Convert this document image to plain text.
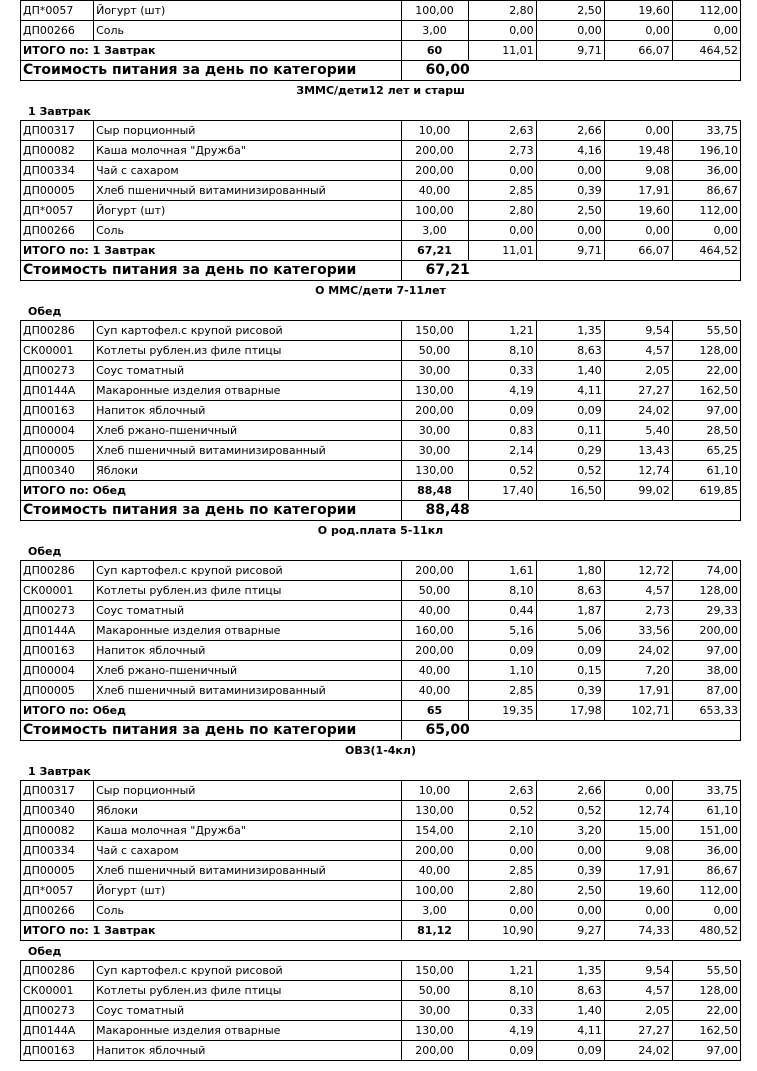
ДП*0057	Йогурт (шт)	100,00	2,80	2,50	19,60	112,00
ДП00266	Соль	3,00	0,00	0,00	0,00	0,00
ИТОГО по: 1 Завтрак		60	11,01	9,71	66,07	464,52
Стоимость питания за день по категории		60,00				
ЗММС/дети12 лет и старш
1 Завтрак
ДП00317	Сыр порционный	10,00	2,63	2,66	0,00	33,75
ДП00082	Каша молочная "Дружба"	200,00	2,73	4,16	19,48	196,10
ДП00334	Чай с сахаром	200,00	0,00	0,00	9,08	36,00
ДП00005	Хлеб пшеничный витаминизированный	40,00	2,85	0,39	17,91	86,67
ДП*0057	Йогурт (шт)	100,00	2,80	2,50	19,60	112,00
ДП00266	Соль	3,00	0,00	0,00	0,00	0,00
ИТОГО по: 1 Завтрак		67,21	11,01	9,71	66,07	464,52
Стоимость питания за день по категории		67,21				
О ММС/дети 7-11лет
Обед
ДП00286	Суп картофел.с крупой рисовой	150,00	1,21	1,35	9,54	55,50
СК00001	Котлеты рублен.из филе птицы	50,00	8,10	8,63	4,57	128,00
ДП00273	Соус томатный	30,00	0,33	1,40	2,05	22,00
ДП0144А	Макаронные изделия отварные	130,00	4,19	4,11	27,27	162,50
ДП00163	Напиток яблочный	200,00	0,09	0,09	24,02	97,00
ДП00004	Хлеб ржано-пшеничный	30,00	0,83	0,11	5,40	28,50
ДП00005	Хлеб пшеничный витаминизированный	30,00	2,14	0,29	13,43	65,25
ДП00340	Яблоки	130,00	0,52	0,52	12,74	61,10
ИТОГО по: Обед		88,48	17,40	16,50	99,02	619,85
Стоимость питания за день по категории		88,48				
О род.плата 5-11кл
Обед
ДП00286	Суп картофел.с крупой рисовой	200,00	1,61	1,80	12,72	74,00
СК00001	Котлеты рублен.из филе птицы	50,00	8,10	8,63	4,57	128,00
ДП00273	Соус томатный	40,00	0,44	1,87	2,73	29,33
ДП0144А	Макаронные изделия отварные	160,00	5,16	5,06	33,56	200,00
ДП00163	Напиток яблочный	200,00	0,09	0,09	24,02	97,00
ДП00004	Хлеб ржано-пшеничный	40,00	1,10	0,15	7,20	38,00
ДП00005	Хлеб пшеничный витаминизированный	40,00	2,85	0,39	17,91	87,00
ИТОГО по: Обед		65	19,35	17,98	102,71	653,33
Стоимость питания за день по категории		65,00				
ОВЗ(1-4кл)
1 Завтрак
ДП00317	Сыр порционный	10,00	2,63	2,66	0,00	33,75
ДП00340	Яблоки	130,00	0,52	0,52	12,74	61,10
ДП00082	Каша молочная "Дружба"	154,00	2,10	3,20	15,00	151,00
ДП00334	Чай с сахаром	200,00	0,00	0,00	9,08	36,00
ДП00005	Хлеб пшеничный витаминизированный	40,00	2,85	0,39	17,91	86,67
ДП*0057	Йогурт (шт)	100,00	2,80	2,50	19,60	112,00
ДП00266	Соль	3,00	0,00	0,00	0,00	0,00
ИТОГО по: 1 Завтрак		81,12	10,90	9,27	74,33	480,52
Обед
ДП00286	Суп картофел.с крупой рисовой	150,00	1,21	1,35	9,54	55,50
СК00001	Котлеты рублен.из филе птицы	50,00	8,10	8,63	4,57	128,00
ДП00273	Соус томатный	30,00	0,33	1,40	2,05	22,00
ДП0144А	Макаронные изделия отварные	130,00	4,19	4,11	27,27	162,50
ДП00163	Напиток яблочный	200,00	0,09	0,09	24,02	97,00
